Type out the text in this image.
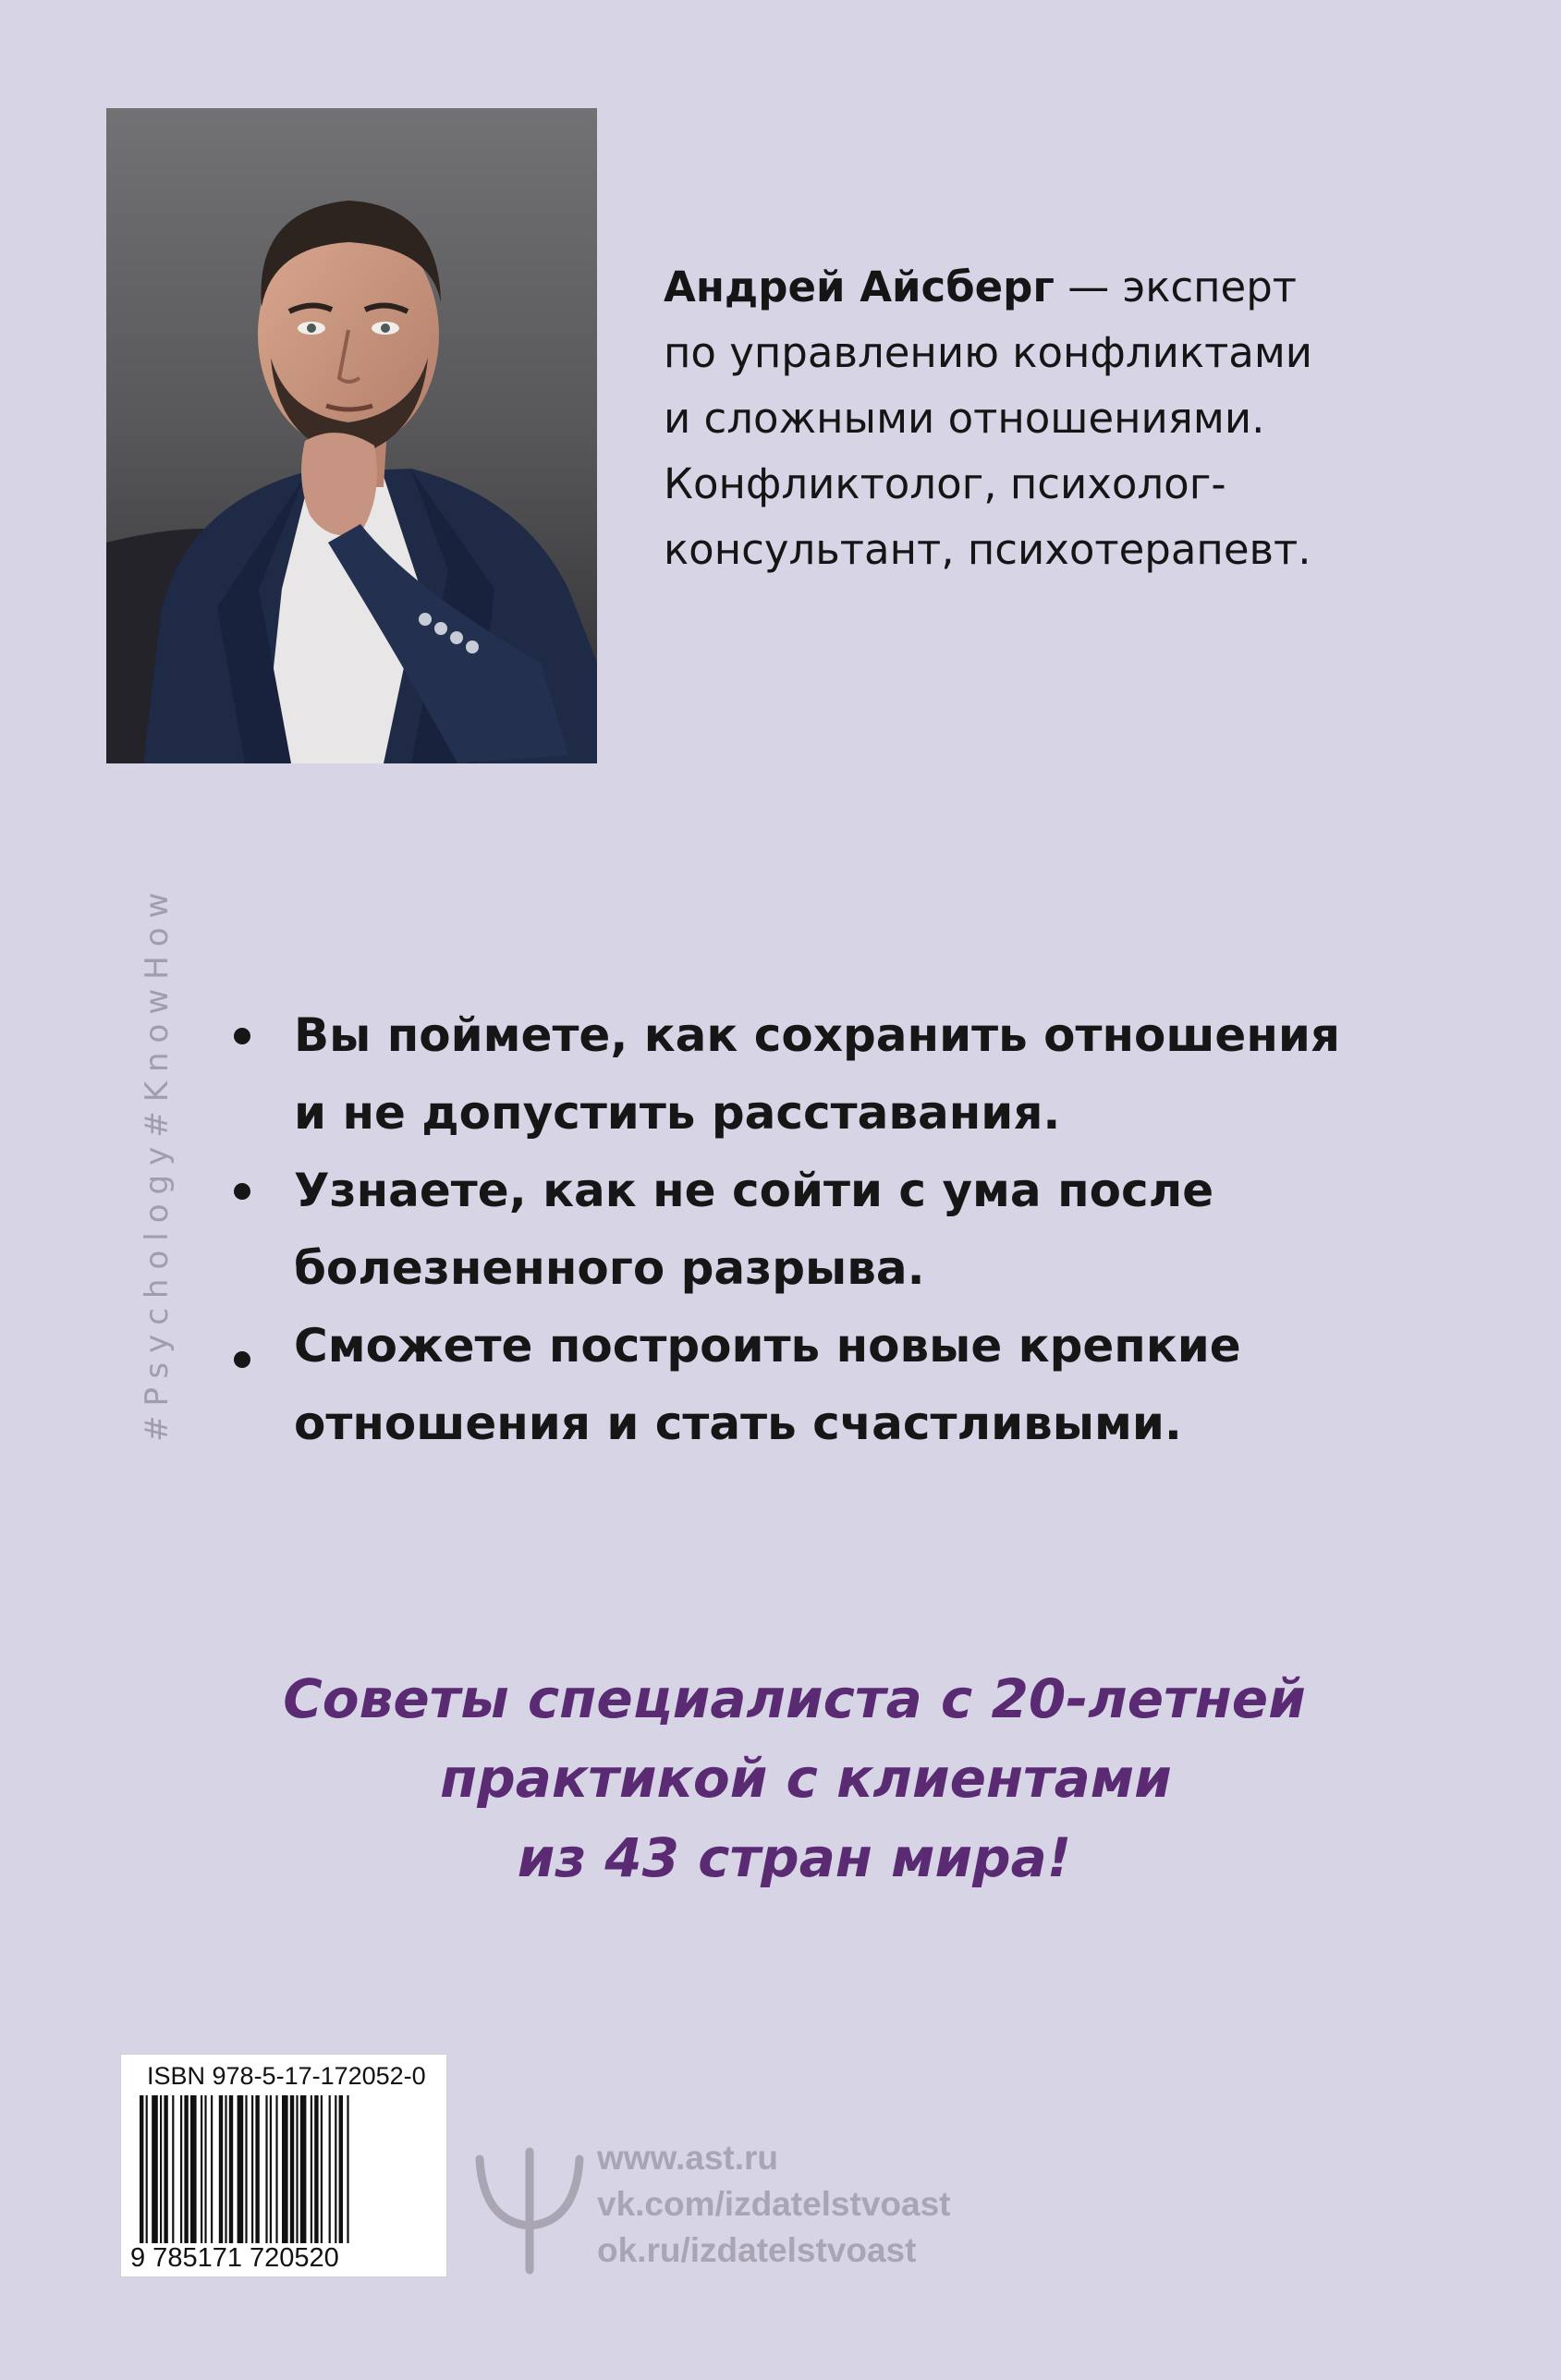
Андрей Айсберг — эксперт
по управлению конфликтами
и сложными отношениями.
Конфликтолог, психолог-
консультант, психотерапевт.
#Psychology#KnowHow	Вы поймете, как сохранить отношения
и не допустить расставания.
Узнаете, как не сойти с ума после
болезненного разрыва.
Сможете построить новые крепкие
отношения и стать счастливыми.
Советы специалиста с 20-летней
практикой с клиентами
из 43 стран мира!
ISBN 978-5-17-172052-0
9 785171 720520
www.ast.ru
vk.com/izdatelstvoast
ok.ru/izdatelstvoast
